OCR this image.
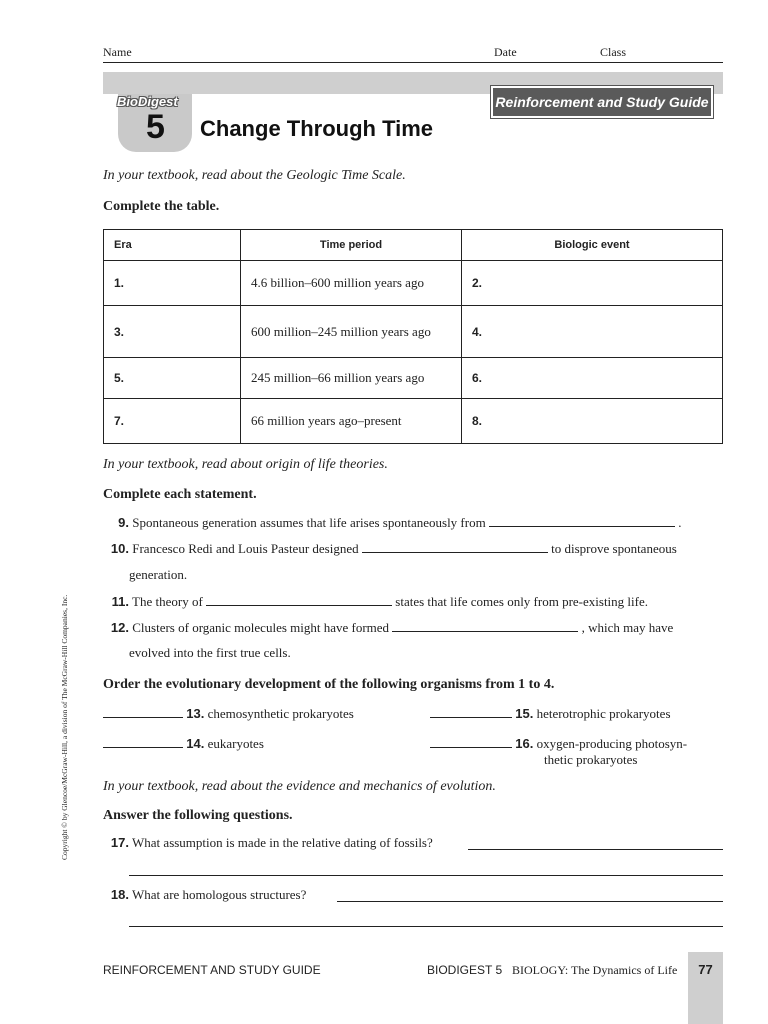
Name	Date	Class
BioDigest
5 Change Through Time
Reinforcement and Study Guide
In your textbook, read about the Geologic Time Scale.
Complete the table.
Era	Time period	Biologic event
1.	4.6 billion–600 million years ago	2.
3.	600 million–245 million years ago	4.
5.	245 million–66 million years ago	6.
7.	66 million years ago–present	8.
In your textbook, read about origin of life theories.
Complete each statement.
9. Spontaneous generation assumes that life arises spontaneously from	.
10. Francesco Redi and Louis Pasteur designed	to disprove spontaneous
generation.
11. The theory of	states that life comes only from pre-existing life.
12. Clusters of organic molecules might have formed	, which may have
evolved into the first true cells.
Order the evolutionary development of the following organisms from 1 to 4.
13. chemosynthetic prokaryotes	15. heterotrophic prokaryotes
14. eukaryotes	16. oxygen-producing photosyn-
thetic prokaryotes
In your textbook, read about the evidence and mechanics of evolution.
Answer the following questions.
17. What assumption is made in the relative dating of fossils?
18. What are homologous structures?
REINFORCEMENT AND STUDY GUIDE	BIODIGEST 5 BIOLOGY: The Dynamics of Life	77
Copyright © by Glencoe/McGraw-Hill, a division of The McGraw-Hill Companies, Inc.
